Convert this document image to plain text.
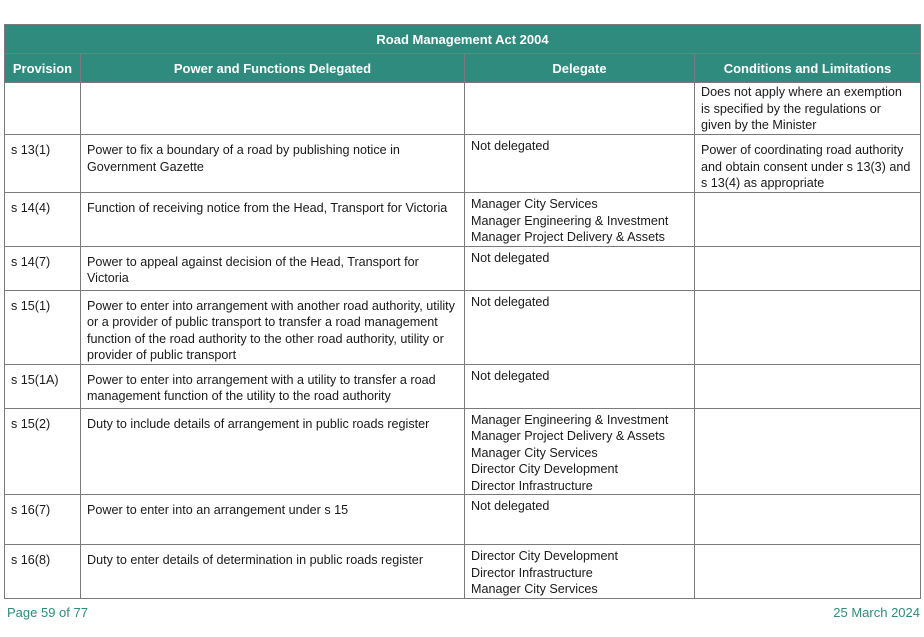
Road Management Act 2004			
Provision	Power and Functions Delegated	Delegate	Conditions and Limitations
			Does not apply where an exemption is specified by the regulations or given by the Minister
s 13(1)	Power to fix a boundary of a road by publishing notice in Government Gazette	Not delegated	Power of coordinating road authority and obtain consent under s 13(3) and s 13(4) as appropriate
s 14(4)	Function of receiving notice from the Head, Transport for Victoria	Manager City Services
Manager Engineering & Investment
Manager Project Delivery & Assets	

s 14(7)	Power to appeal against decision of the Head, Transport for Victoria	Not delegated	

s 15(1)	Power to enter into arrangement with another road authority, utility or a provider of public transport to transfer a road management function of the road authority to the other road authority, utility or provider of public transport	Not delegated	

s 15(1A)	Power to enter into arrangement with a utility to transfer a road management function of the utility to the road authority	Not delegated	

s 15(2)	Duty to include details of arrangement in public roads register	Manager Engineering & Investment
Manager Project Delivery & Assets
Manager City Services
Director City Development
Director Infrastructure	

s 16(7)	Power to enter into an arrangement under s 15	Not delegated	

s 16(8)	Duty to enter details of determination in public roads register	Director City Development
Director Infrastructure
Manager City Services	

Page 59 of 77	25 March 2024
